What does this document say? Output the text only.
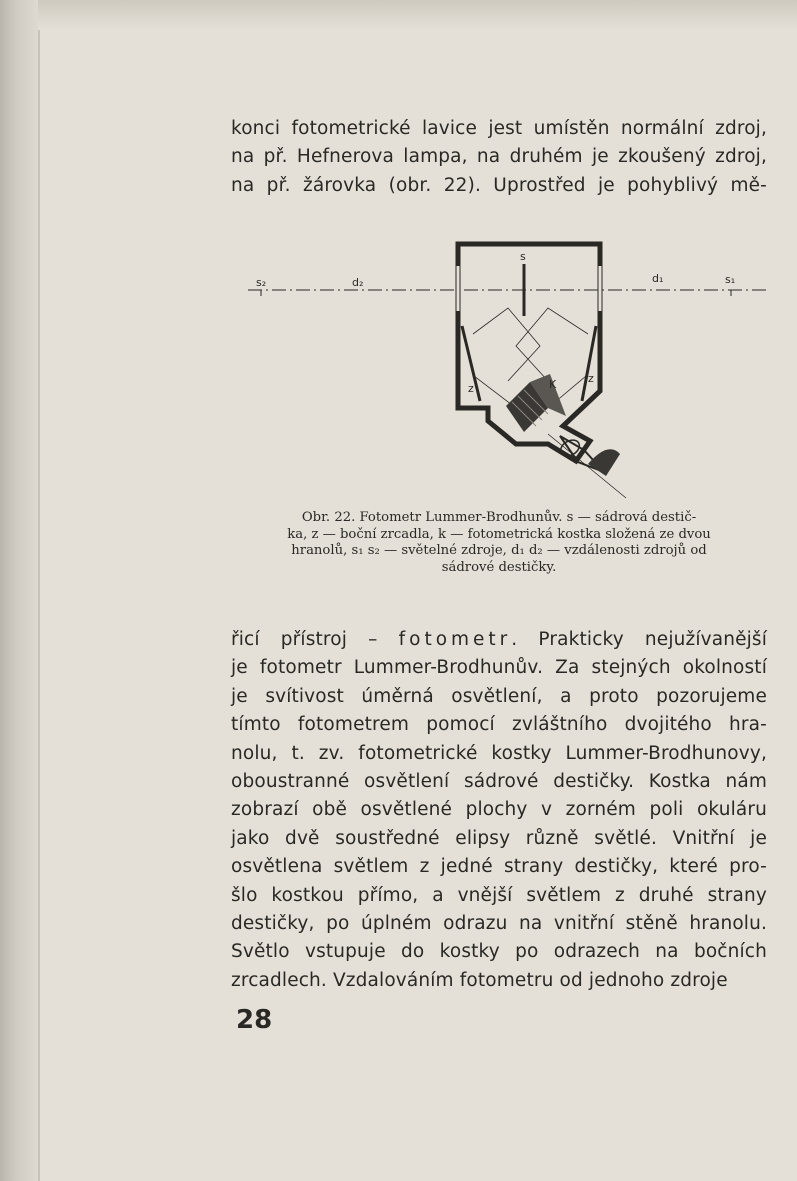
konci fotometrické lavice jest umístěn normální zdroj,
na př. Hefnerova lampa, na druhém je zkoušený zdroj,
na př. žárovka (obr. 22). Uprostřed je pohyblivý mě-

s
s₂	d₂	d₁	s₁
z
z
K

Obr. 22. Fotometr Lummer-Brodhunův. s — sádrová destič-
ka, z — boční zrcadla, k — fotometrická kostka složená ze dvou
hranolů, s₁ s₂ — světelné zdroje, d₁ d₂ — vzdálenosti zdrojů od
sádrové destičky.

řicí přístroj – fotometr. Prakticky nejužívanější
je fotometr Lummer-Brodhunův. Za stejných okolností
je svítivost úměrná osvětlení, a proto pozorujeme
tímto fotometrem pomocí zvláštního dvojitého hra-
nolu, t. zv. fotometrické kostky Lummer-Brodhunovy,
oboustranné osvětlení sádrové destičky. Kostka nám
zobrazí obě osvětlené plochy v zorném poli okuláru
jako dvě soustředné elipsy různě světlé. Vnitřní je
osvětlena světlem z jedné strany destičky, které pro-
šlo kostkou přímo, a vnější světlem z druhé strany
destičky, po úplném odrazu na vnitřní stěně hranolu.
Světlo vstupuje do kostky po odrazech na bočních
zrcadlech. Vzdalováním fotometru od jednoho zdroje

28
